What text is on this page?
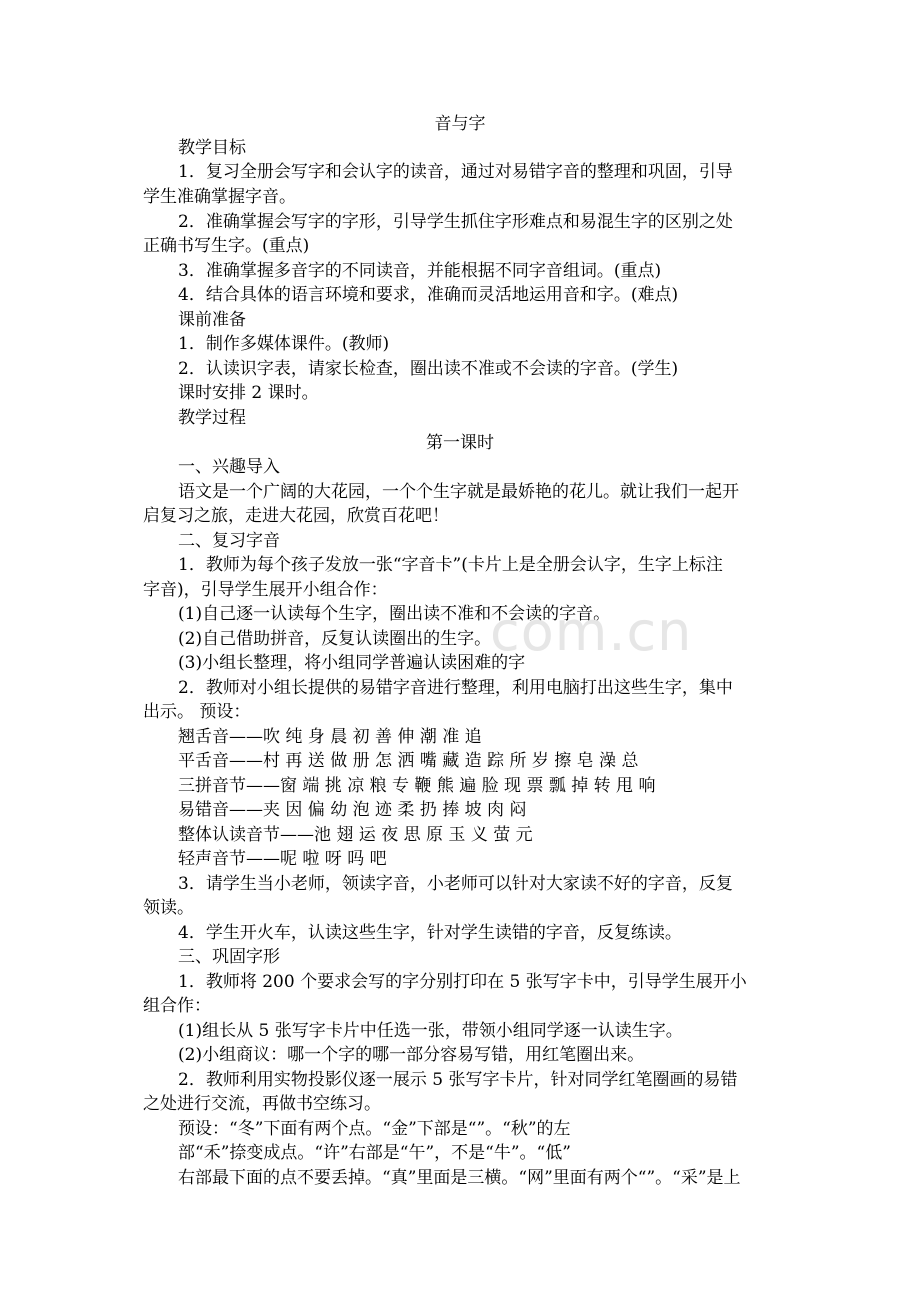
音与字
教学目标
1．复习全册会写字和会认字的读音，通过对易错字音的整理和巩固，引导
学生准确掌握字音。
2．准确掌握会写字的字形，引导学生抓住字形难点和易混生字的区别之处
正确书写生字。(重点)
3．准确掌握多音字的不同读音，并能根据不同字音组词。(重点)
4．结合具体的语言环境和要求，准确而灵活地运用音和字。(难点)
课前准备
1．制作多媒体课件。(教师)
2．认读识字表，请家长检查，圈出读不准或不会读的字音。(学生)
课时安排 2 课时。
教学过程
第一课时
一、兴趣导入
语文是一个广阔的大花园，一个个生字就是最娇艳的花儿。就让我们一起开
启复习之旅，走进大花园，欣赏百花吧！
二、复习字音
1．教师为每个孩子发放一张“字音卡”(卡片上是全册会认字，生字上标注
字音)，引导学生展开小组合作：
(1)自己逐一认读每个生字，圈出读不准和不会读的字音。
(2)自己借助拼音，反复认读圈出的生字。
(3)小组长整理，将小组同学普遍认读困难的字
2．教师对小组长提供的易错字音进行整理，利用电脑打出这些生字，集中
出示。 预设：
翘舌音——吹 纯 身 晨 初 善 伸 潮 准 追
平舌音——村 再 送 做 册 怎 洒 嘴 藏 造 踪 所 岁 擦 皂 澡 总
三拼音节——窗 端 挑 凉 粮 专 鞭 熊 遍 脸 现 票 瓢 掉 转 甩 响
易错音——夹 因 偏 幼 泡 迹 柔 扔 捧 坡 肉 闷
整体认读音节——池 翅 运 夜 思 原 玉 义 萤 元
轻声音节——呢 啦 呀 吗 吧
3．请学生当小老师，领读字音，小老师可以针对大家读不好的字音，反复
领读。
4．学生开火车，认读这些生字，针对学生读错的字音，反复练读。
三、巩固字形
1．教师将 200 个要求会写的字分别打印在 5 张写字卡中，引导学生展开小
组合作：
(1)组长从 5 张写字卡片中任选一张，带领小组同学逐一认读生字。
(2)小组商议：哪一个字的哪一部分容易写错，用红笔圈出来。
2．教师利用实物投影仪逐一展示 5 张写字卡片，针对同学红笔圈画的易错
之处进行交流，再做书空练习。
预设：“冬”下面有两个点。“金”下部是“”。“秋”的左
部“禾”捺变成点。“许”右部是“午”，不是“牛”。“低”
右部最下面的点不要丢掉。“真”里面是三横。“网”里面有两个“”。“采”是上
com.cn
